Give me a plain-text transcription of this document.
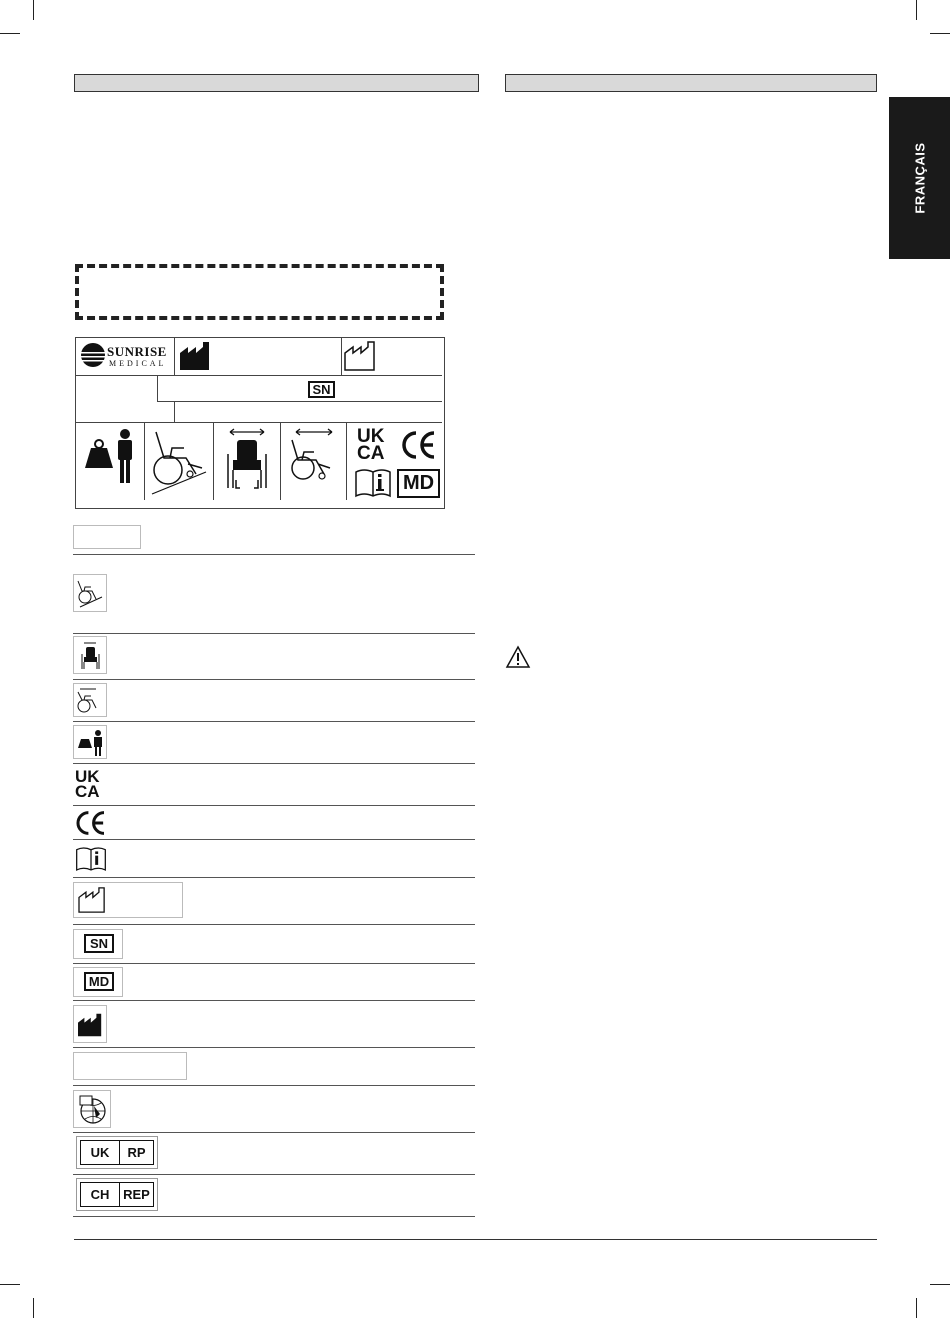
FRANÇAIS
SUNRISE
MEDICAL
SN
UK
CA
MD
UK
CA
SN
MD
UK	RP
CH	REP
